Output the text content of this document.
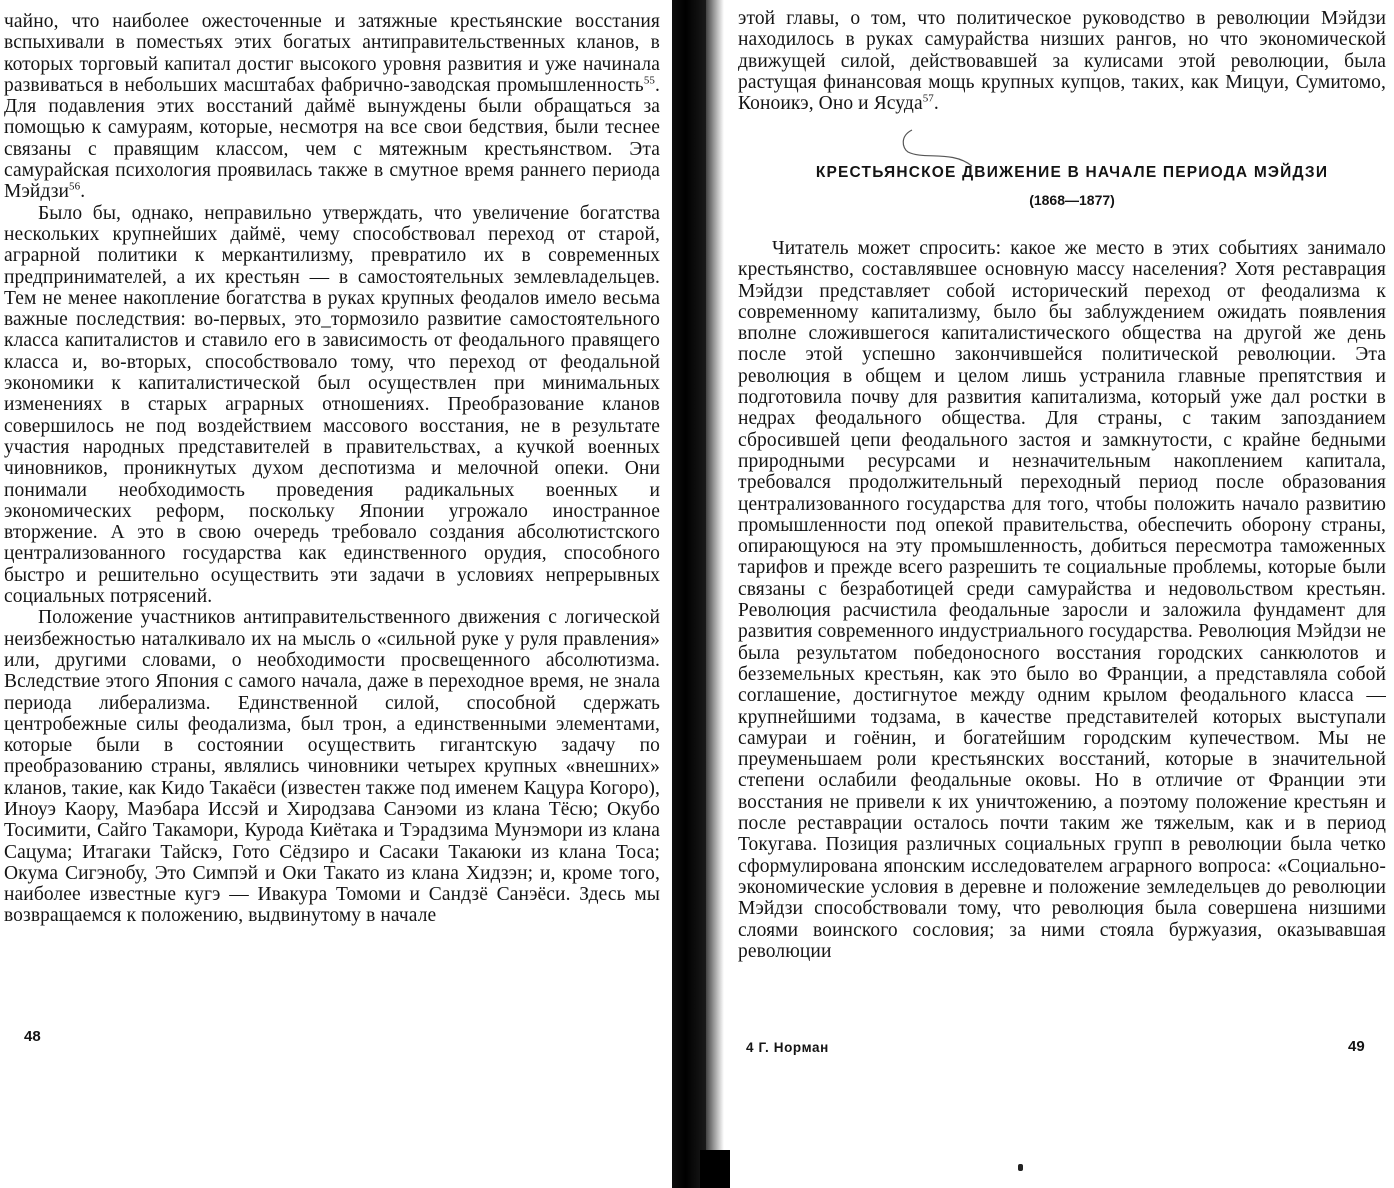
чайно, что наиболее ожесточенные и затяжные крестьянские восстания вспыхивали в поместьях этих богатых антиправительственных кланов, в которых торговый капитал достиг высокого уровня развития и уже начинала развиваться в небольших масштабах фабрично-заводская промышленность$^{55}$. Для подавления этих восстаний даймё вынуждены были обращаться за помощью к самураям, которые, несмотря на все свои бедствия, были теснее связаны с правящим классом, чем с мятежным крестьянством. Эта самурайская психология проявилась также в смутное время раннего периода Мэйдзи$^{56}$.

Было бы, однако, неправильно утверждать, что увеличение богатства нескольких крупнейших даймё, чему способствовал переход от старой, аграрной политики к меркантилизму, превратило их в современных предпринимателей, а их крестьян — в самостоятельных землевладельцев. Тем не менее накопление богатства в руках крупных феодалов имело весьма важные последствия: во-первых, это_тормозило развитие самостоятельного класса капиталистов и ставило его в зависимость от феодального правящего класса и, во-вторых, способствовало тому, что переход от феодальной экономики к капиталистической был осуществлен при минимальных изменениях в старых аграрных отношениях. Преобразование кланов совершилось не под воздействием массового восстания, не в результате участия народных представителей в правительствах, а кучкой военных чиновников, проникнутых духом деспотизма и мелочной опеки. Они понимали необходимость проведения радикальных военных и экономических реформ, поскольку Японии угрожало иностранное вторжение. А это в свою очередь требовало создания абсолютистского централизованного государства как единственного орудия, способного быстро и решительно осуществить эти задачи в условиях непрерывных социальных потрясений.

Положение участников антиправительственного движения с логической неизбежностью наталкивало их на мысль о «сильной руке у руля правления» или, другими словами, о необходимости просвещенного абсолютизма. Вследствие этого Япония с самого начала, даже в переходное время, не знала периода либерализма. Единственной силой, способной сдержать центробежные силы феодализма, был трон, а единственными элементами, которые были в состоянии осуществить гигантскую задачу по преобразованию страны, являлись чиновники четырех крупных «внешних» кланов, такие, как Кидо Такаёси (известен также под именем Кацура Когоро), Иноуэ Каору, Маэбара Иссэй и Хиродзава Санэоми из клана Тёсю; Окубо Тосимити, Сайго Такамори, Курода Киётака и Тэрадзима Мунэмори из клана Сацума; Итагаки Тайскэ, Гото Сёдзиро и Сасаки Такаюки из клана Тоса; Окума Сигэнобу, Это Симпэй и Оки Такато из клана Хидзэн; и, кроме того, наиболее известные кугэ — Ивакура Томоми и Сандзё Санэёси. Здесь мы возвращаемся к положению, выдвинутому в начале

48

этой главы, о том, что политическое руководство в революции Мэйдзи находилось в руках самурайства низших рангов, но что экономической движущей силой, действовавшей за кулисами этой революции, была растущая финансовая мощь крупных купцов, таких, как Мицуи, Сумитомо, Коноикэ, Оно и Ясуда$^{57}$.

КРЕСТЬЯНСКОЕ ДВИЖЕНИЕ В НАЧАЛЕ ПЕРИОДА МЭЙДЗИ
(1868—1877)

Читатель может спросить: какое же место в этих событиях занимало крестьянство, составлявшее основную массу населения? Хотя реставрация Мэйдзи представляет собой исторический переход от феодализма к современному капитализму, было бы заблуждением ожидать появления вполне сложившегося капиталистического общества на другой же день после этой успешно закончившейся политической революции. Эта революция в общем и целом лишь устранила главные препятствия и подготовила почву для развития капитализма, который уже дал ростки в недрах феодального общества. Для страны, с таким запозданием сбросившей цепи феодального застоя и замкнутости, с крайне бедными природными ресурсами и незначительным накоплением капитала, требовался продолжительный переходный период после образования централизованного государства для того, чтобы положить начало развитию промышленности под опекой правительства, обеспечить оборону страны, опирающуюся на эту промышленность, добиться пересмотра таможенных тарифов и прежде всего разрешить те социальные проблемы, которые были связаны с безработицей среди самурайства и недовольством крестьян. Революция расчистила феодальные заросли и заложила фундамент для развития современного индустриального государства. Революция Мэйдзи не была результатом победоносного восстания городских санкюлотов и безземельных крестьян, как это было во Франции, а представляла собой соглашение, достигнутое между одним крылом феодального класса — крупнейшими тодзама, в качестве представителей которых выступали самураи и гоёнин, и богатейшим городским купечеством. Мы не преуменьшаем роли крестьянских восстаний, которые в значительной степени ослабили феодальные оковы. Но в отличие от Франции эти восстания не привели к их уничтожению, а поэтому положение крестьян и после реставрации осталось почти таким же тяжелым, как и в период Токугава. Позиция различных социальных групп в революции была четко сформулирована японским исследователем аграрного вопроса: «Социально-экономические условия в деревне и положение земледельцев до революции Мэйдзи способствовали тому, что революция была совершена низшими слоями воинского сословия; за ними стояла буржуазия, оказывавшая революции

4 Г. Норман	49
